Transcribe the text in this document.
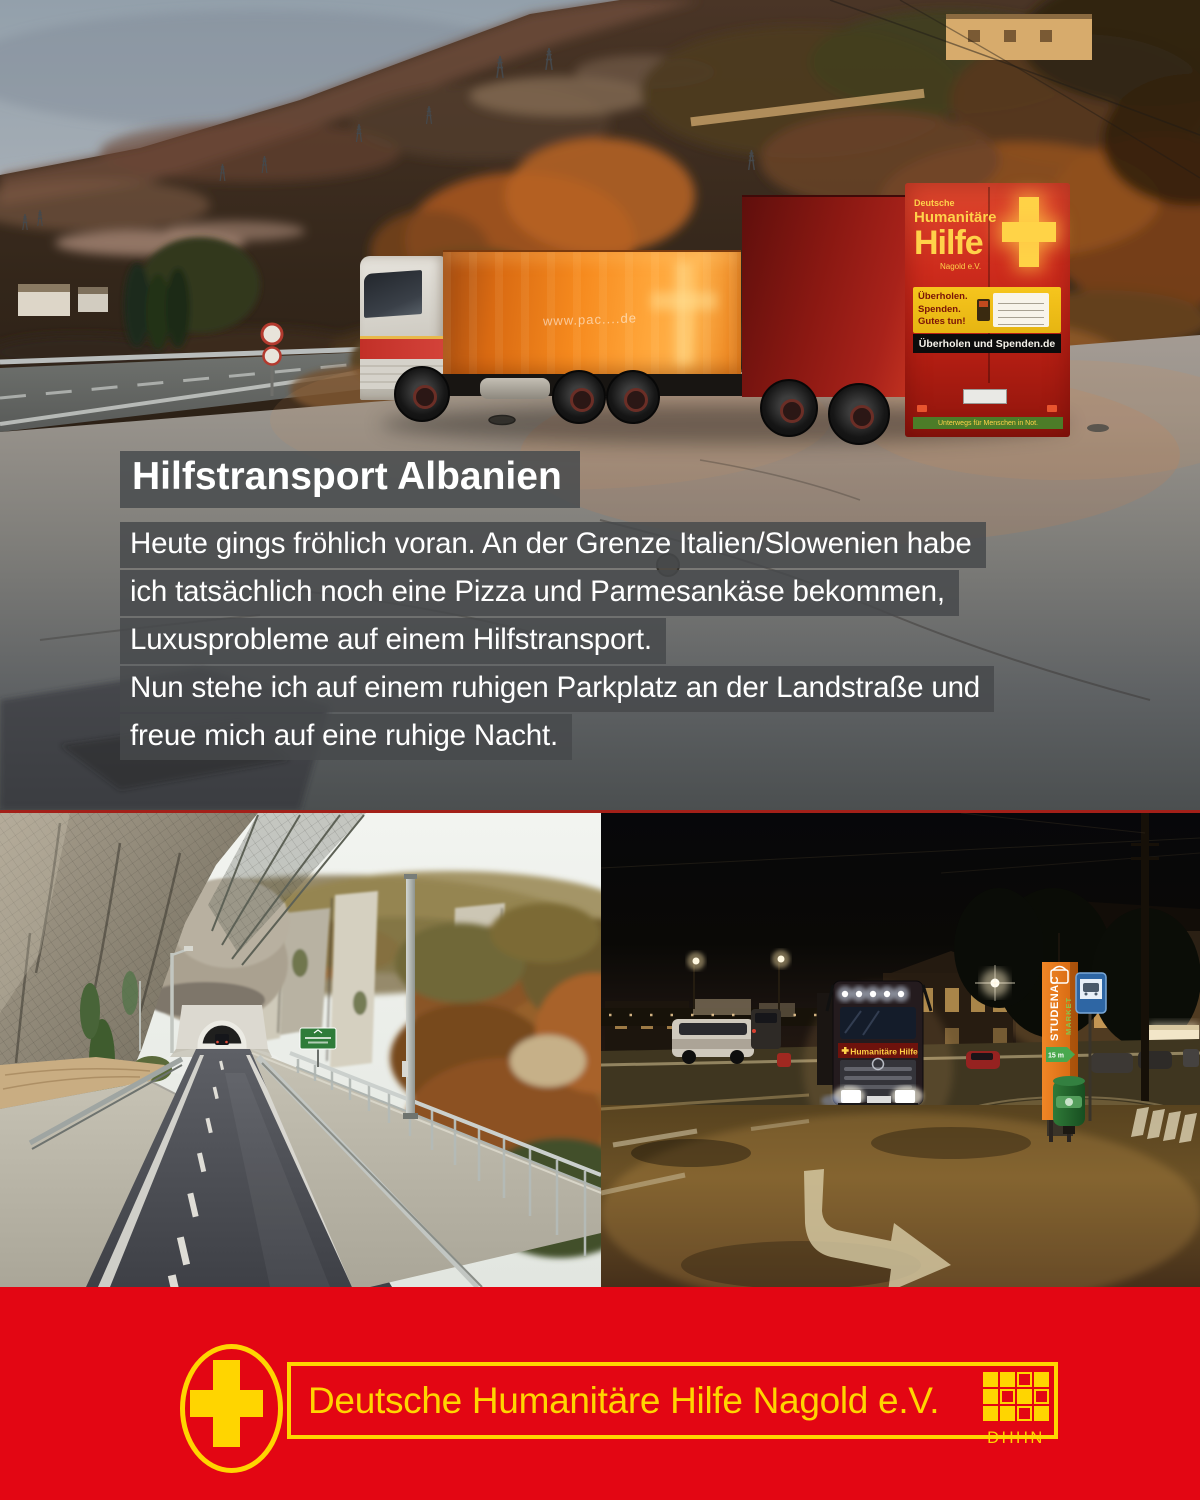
www.pac....de
Deutsche
Humanitäre
Hilfe
Nagold e.V.
Überholen.
Spenden.
Gutes tun!
Überholen und Spenden.de
Unterwegs für Menschen in Not.
Hilfstransport Albanien
Heute gings fröhlich voran. An der Grenze Italien/Slowenien habe
ich tatsächlich noch eine Pizza und Parmesankäse bekommen,
Luxusprobleme auf einem Hilfstransport.
Nun stehe ich auf einem ruhigen Parkplatz an der Landstraße und
freue mich auf eine ruhige Nacht.
Humanitäre Hilfe
STUDENAC MARKET
15 m
Deutsche Humanitäre Hilfe Nagold e.V.
DHHN
